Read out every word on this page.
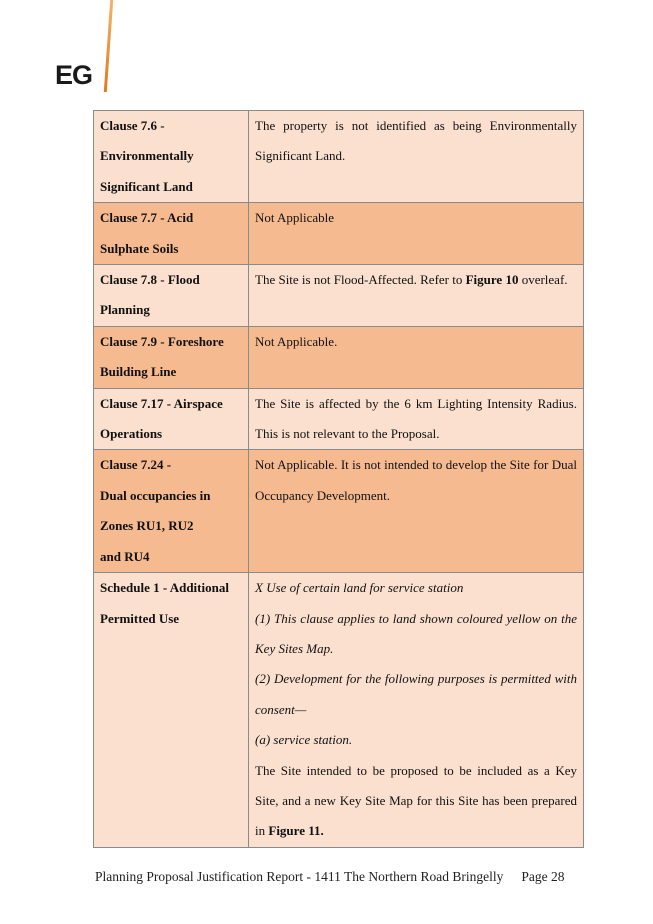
EG
Clause 7.6 -
Environmentally
Significant Land	The property is not identified as being Environmentally Significant Land.

Clause 7.7 - Acid
Sulphate Soils	Not Applicable

Clause 7.8 - Flood
Planning	The Site is not Flood-Affected. Refer to Figure 10 overleaf.

Clause 7.9 - Foreshore
Building Line	Not Applicable.

Clause 7.17 - Airspace
Operations	The Site is affected by the 6 km Lighting Intensity Radius. This is not relevant to the Proposal.

Clause 7.24 -
Dual occupancies in
Zones RU1, RU2
and RU4	Not Applicable. It is not intended to develop the Site for Dual Occupancy Development.

Schedule 1 - Additional
Permitted Use	X Use of certain land for service station
(1) This clause applies to land shown coloured yellow on the Key Sites Map.
(2) Development for the following purposes is permitted with consent—
(a) service station.
The Site intended to be proposed to be included as a Key Site, and a new Key Site Map for this Site has been prepared in Figure 11.
Planning Proposal Justification Report - 1411 The Northern Road Bringelly Page 28
